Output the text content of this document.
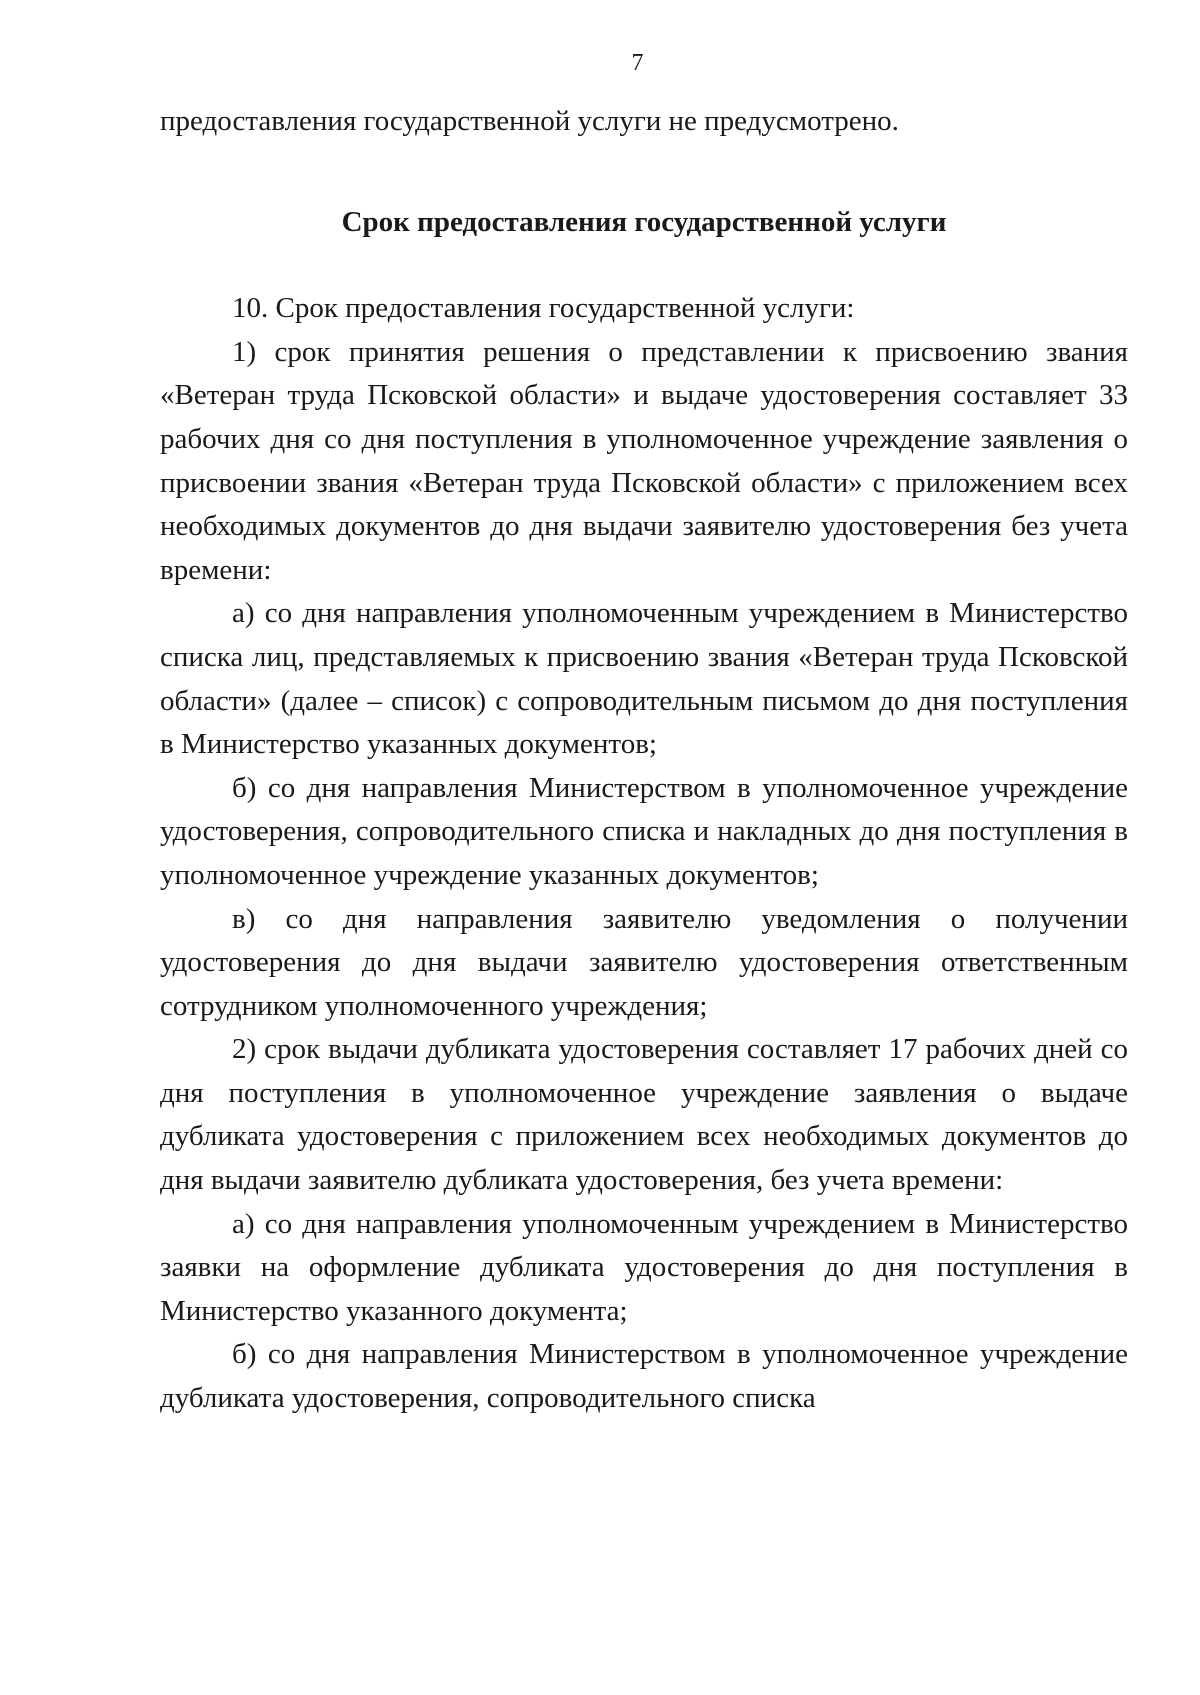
7

предоставления государственной услуги не предусмотрено.

Срок предоставления государственной услуги

10. Срок предоставления государственной услуги:

1) срок принятия решения о представлении к присвоению звания «Ветеран труда Псковской области» и выдаче удостоверения составляет 33 рабочих дня со дня поступления в уполномоченное учреждение заявления о присвоении звания «Ветеран труда Псковской области» с приложением всех необходимых документов до дня выдачи заявителю удостоверения без учета времени:

а) со дня направления уполномоченным учреждением в Министерство списка лиц, представляемых к присвоению звания «Ветеран труда Псковской области» (далее – список) с сопроводительным письмом до дня поступления в Министерство указанных документов;

б) со дня направления Министерством в уполномоченное учреждение удостоверения, сопроводительного списка и накладных до дня поступления в уполномоченное учреждение указанных документов;

в) со дня направления заявителю уведомления о получении удостоверения до дня выдачи заявителю удостоверения ответственным сотрудником уполномоченного учреждения;

2) срок выдачи дубликата удостоверения составляет 17 рабочих дней со дня поступления в уполномоченное учреждение заявления о выдаче дубликата удостоверения с приложением всех необходимых документов до дня выдачи заявителю дубликата удостоверения, без учета времени:

а) со дня направления уполномоченным учреждением в Министерство заявки на оформление дубликата удостоверения до дня поступления в Министерство указанного документа;

б) со дня направления Министерством в уполномоченное учреждение дубликата удостоверения, сопроводительного списка
